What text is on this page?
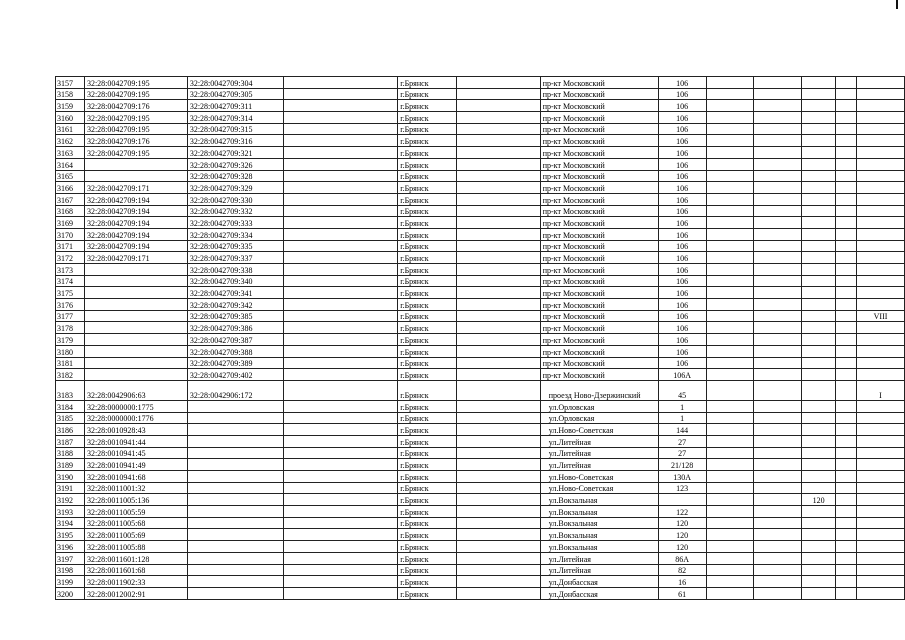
3157	32:28:0042709:195	32:28:0042709:304		г.Брянск		пр-кт Московский	106					
3158	32:28:0042709:195	32:28:0042709:305		г.Брянск		пр-кт Московский	106					
3159	32:28:0042709:176	32:28:0042709:311		г.Брянск		пр-кт Московский	106					
3160	32:28:0042709:195	32:28:0042709:314		г.Брянск		пр-кт Московский	106					
3161	32:28:0042709:195	32:28:0042709:315		г.Брянск		пр-кт Московский	106					
3162	32:28:0042709:176	32:28:0042709:316		г.Брянск		пр-кт Московский	106					
3163	32:28:0042709:195	32:28:0042709:321		г.Брянск		пр-кт Московский	106					
3164		32:28:0042709:326		г.Брянск		пр-кт Московский	106					
3165		32:28:0042709:328		г.Брянск		пр-кт Московский	106					
3166	32:28:0042709:171	32:28:0042709:329		г.Брянск		пр-кт Московский	106					
3167	32:28:0042709:194	32:28:0042709:330		г.Брянск		пр-кт Московский	106					
3168	32:28:0042709:194	32:28:0042709:332		г.Брянск		пр-кт Московский	106					
3169	32:28:0042709:194	32:28:0042709:333		г.Брянск		пр-кт Московский	106					
3170	32:28:0042709:194	32:28:0042709:334		г.Брянск		пр-кт Московский	106					
3171	32:28:0042709:194	32:28:0042709:335		г.Брянск		пр-кт Московский	106					
3172	32:28:0042709:171	32:28:0042709:337		г.Брянск		пр-кт Московский	106					
3173		32:28:0042709:338		г.Брянск		пр-кт Московский	106					
3174		32:28:0042709:340		г.Брянск		пр-кт Московский	106					
3175		32:28:0042709:341		г.Брянск		пр-кт Московский	106					
3176		32:28:0042709:342		г.Брянск		пр-кт Московский	106					
3177		32:28:0042709:385		г.Брянск		пр-кт Московский	106					VIII
3178		32:28:0042709:386		г.Брянск		пр-кт Московский	106					
3179		32:28:0042709:387		г.Брянск		пр-кт Московский	106					
3180		32:28:0042709:388		г.Брянск		пр-кт Московский	106					
3181		32:28:0042709:389		г.Брянск		пр-кт Московский	106					
3182		32:28:0042709:402		г.Брянск		пр-кт Московский	106А					
3183	32:28:0042906:63	32:28:0042906:172		г.Брянск		проезд Ново-Дзержинский	45					I
3184	32:28:0000000:1775			г.Брянск		ул.Орловская	1					
3185	32:28:0000000:1776			г.Брянск		ул.Орловская	1					
3186	32:28:0010928:43			г.Брянск		ул.Ново-Советская	144					
3187	32:28:0010941:44			г.Брянск		ул.Литейная	27					
3188	32:28:0010941:45			г.Брянск		ул.Литейная	27					
3189	32:28:0010941:49			г.Брянск		ул.Литейная	21/128					
3190	32:28:0010941:68			г.Брянск		ул.Ново-Советская	130А					
3191	32:28:0011001:32			г.Брянск		ул.Ново-Советская	123					
3192	32:28:0011005:136			г.Брянск		ул.Вокзальная				120		
3193	32:28:0011005:59			г.Брянск		ул.Вокзальная	122					
3194	32:28:0011005:68			г.Брянск		ул.Вокзальная	120					
3195	32:28:0011005:69			г.Брянск		ул.Вокзальная	120					
3196	32:28:0011005:88			г.Брянск		ул.Вокзальная	120					
3197	32:28:0011601:128			г.Брянск		ул.Литейная	86А					
3198	32:28:0011601:68			г.Брянск		ул.Литейная	82					
3199	32:28:0011902:33			г.Брянск		ул.Донбасская	16					
3200	32:28:0012002:91			г.Брянск		ул.Донбасская	61					
